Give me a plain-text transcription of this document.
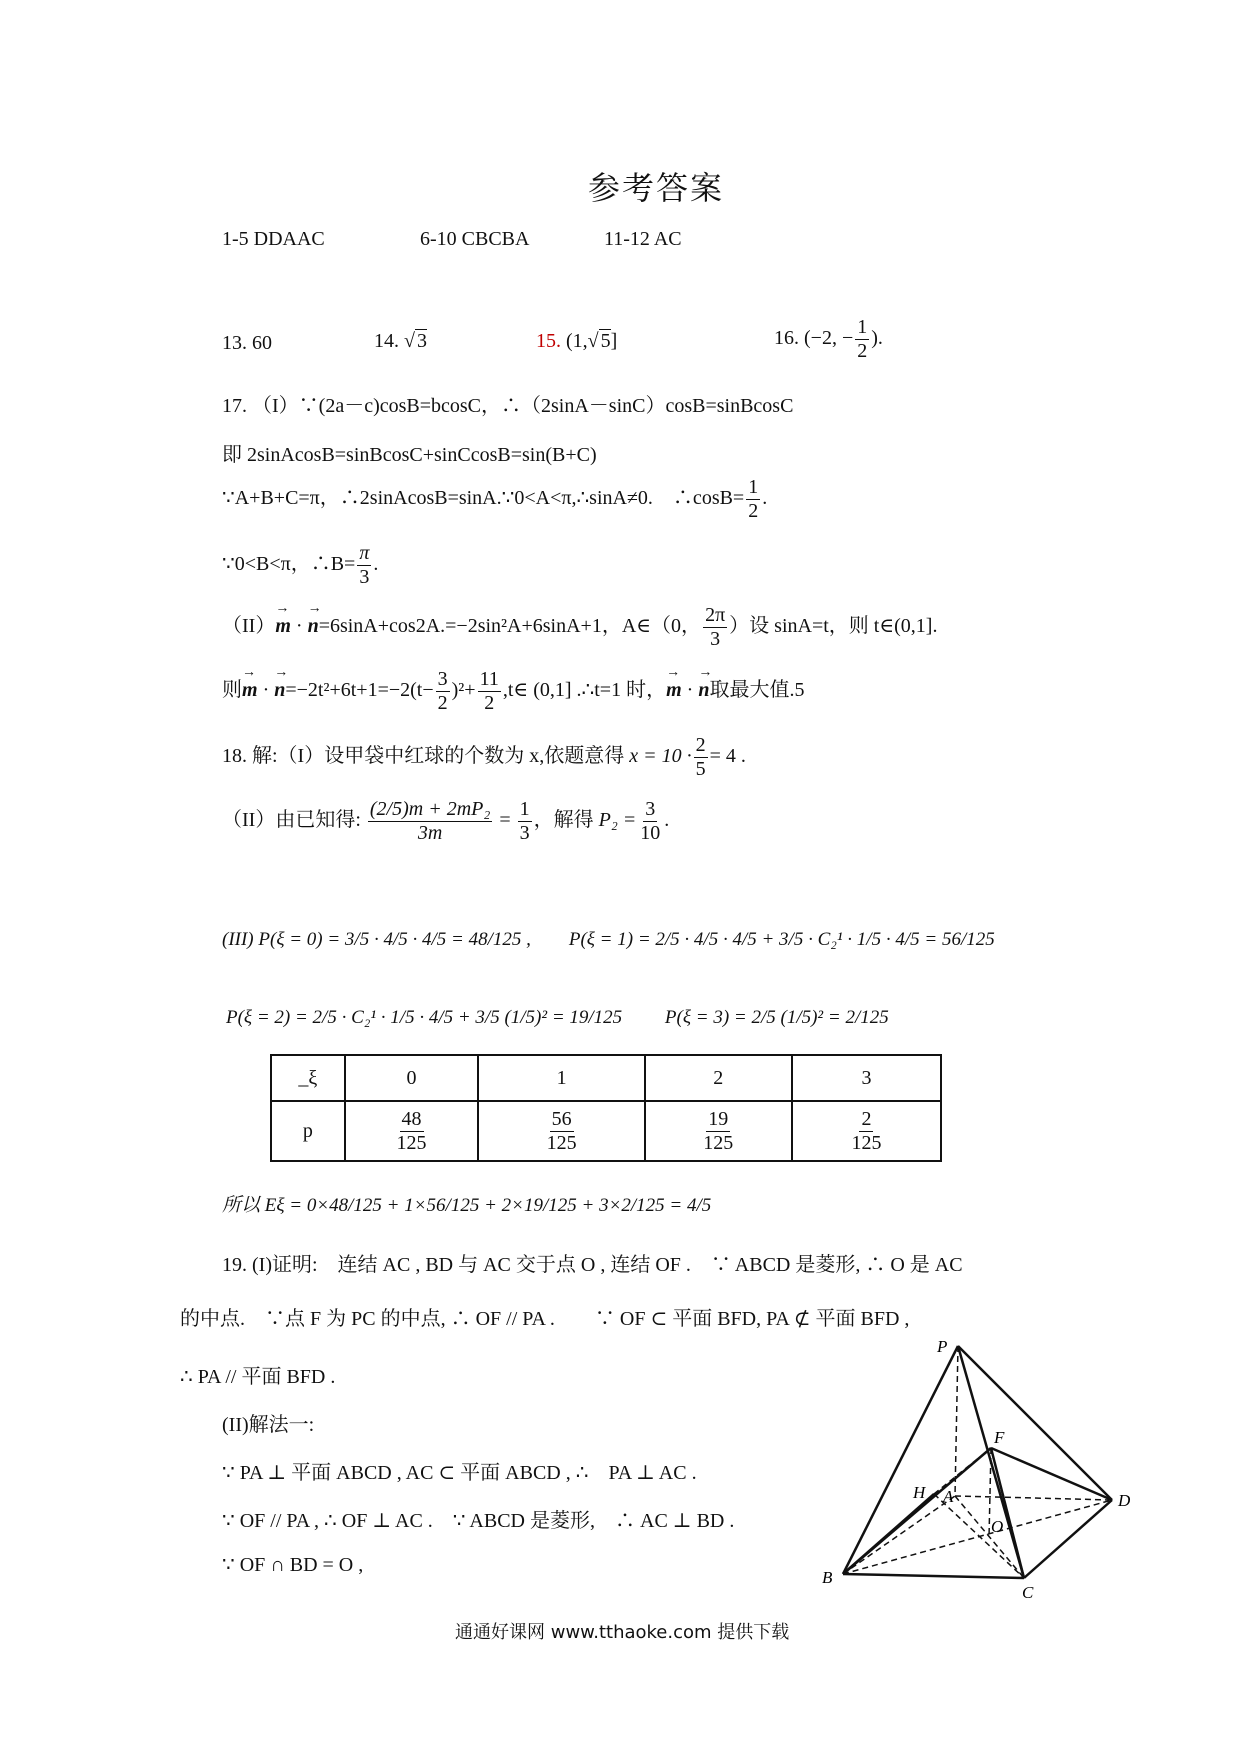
参考答案
1-5 DDAAC	6-10 CBCBA	11-12 AC
13. 60	14. √ 3	15. (1,√ 5]	16. (−2, − $\frac{1}{2}$ ).
17. （I）∵(2a－c)cosB=bcosC，∴（2sinA－sinC）cosB=sinBcosC
即 2sinAcosB=sinBcosC+sinCcosB=sin(B+C)
∵A+B+C=π，∴2sinAcosB=sinA.∵0<A<π,∴sinA≠0.　∴cosB= $\frac{1}{2}$ .
∵0<B<π，∴B= $\frac{\pi}{3}$ .
（II）→ m · → n=6sinA+cos2A.=−2sin²A+6sinA+1，A∈（0， $\frac{2\pi}{3}$ ）设 sinA=t，则 t∈(0,1].
则→ m · → $n=-2t^2+6t+1=-2(t- \frac{3}{2} )^2+ \frac{11}{2}$ ,t∈ (0,1] .∴t=1 时，→ m · → n取最大值.5
18. 解:（I）设甲袋中红球的个数为 x,依题意得 $x = 10 \cdot \frac{2}{5} = 4$ .
（II）由已知得: $\frac{\text{(2/5)m + 2mP₂}}{3m} = \frac{1}{3}$ ，解得 $P_2 = \frac{3}{10}$ .
(III) P(ξ = 0) = 3/5 · 4/5 · 4/5 = 48/125 ,　　P(ξ = 1) = 2/5 · 4/5 · 4/5 + 3/5 · C₂¹ · 1/5 · 4/5 = 56/125
P(ξ = 2) = 2/5 · C₂¹ · 1/5 · 4/5 + 3/5 (1/5)² = 19/125 　　P(ξ = 3) = 2/5 (1/5)² = 2/125
_ξ	0	1	2	3
p	$\frac{48}{125}$	$\frac{56}{125}$	$\frac{19}{125}$	$\frac{2}{125}$
所以 Eξ = 0×48/125 + 1×56/125 + 2×19/125 + 3×2/125 = 4/5
19. (I)证明:　连结 AC , BD 与 AC 交于点 O , 连结 OF .　∵ ABCD 是菱形, ∴ O 是 AC
的中点.　∵点 F 为 PC 的中点, ∴ OF // PA .　　∵ OF ⊂ 平面 BFD, PA ⊄ 平面 BFD ,
∴ PA // 平面 BFD .
(II)解法一:
∵ PA ⊥ 平面 ABCD , AC ⊂ 平面 ABCD , ∴　PA ⊥ AC .
∵ OF // PA , ∴ OF ⊥ AC .　∵ ABCD 是菱形,　∴ AC ⊥ BD .
∵ OF ∩ BD = O ,
P
F
H A
O
D
B
C
通通好课网 www.tthaoke.com 提供下载
